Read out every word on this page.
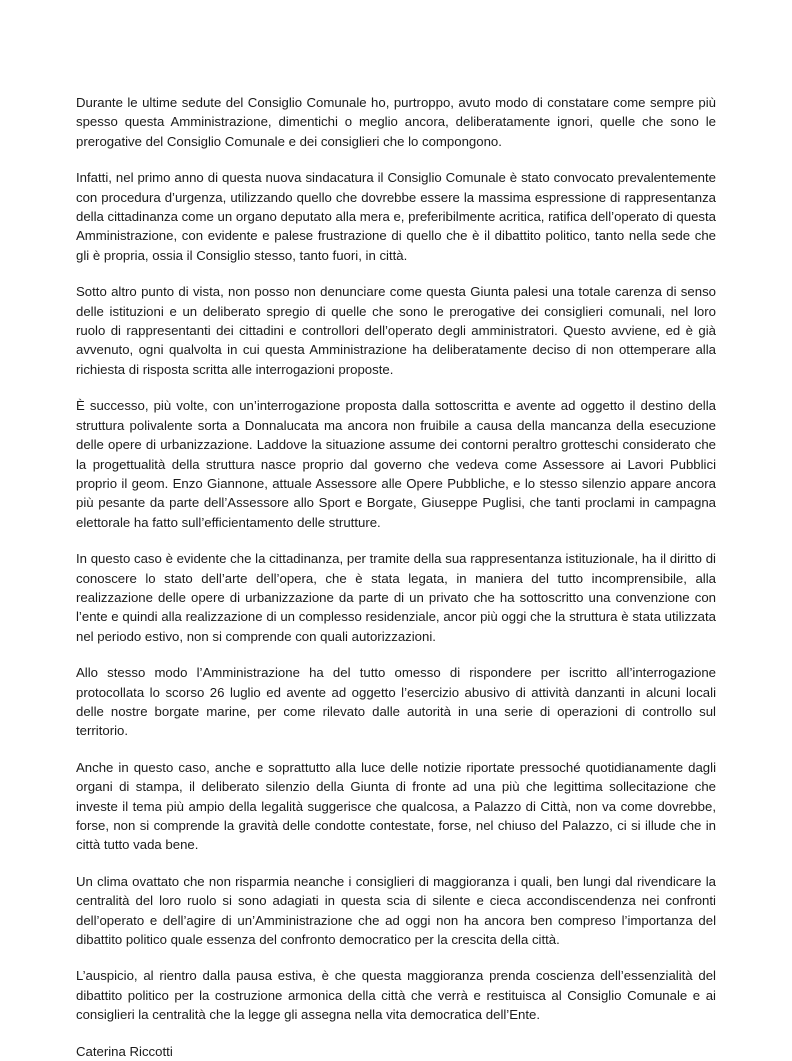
Durante le ultime sedute del Consiglio Comunale ho, purtroppo, avuto modo di constatare come sempre più spesso questa Amministrazione, dimentichi o meglio ancora, deliberatamente ignori, quelle che sono le prerogative del Consiglio Comunale e dei consiglieri che lo compongono.

Infatti, nel primo anno di questa nuova sindacatura il Consiglio Comunale è stato convocato prevalentemente con procedura d’urgenza, utilizzando quello che dovrebbe essere la massima espressione di rappresentanza della cittadinanza come un organo deputato alla mera e, preferibilmente acritica, ratifica dell’operato di questa Amministrazione, con evidente e palese frustrazione di quello che è il dibattito politico, tanto nella sede che gli è propria, ossia il Consiglio stesso, tanto fuori, in città.

Sotto altro punto di vista, non posso non denunciare come questa Giunta palesi una totale carenza di senso delle istituzioni e un deliberato spregio di quelle che sono le prerogative dei consiglieri comunali, nel loro ruolo di rappresentanti dei cittadini e controllori dell’operato degli amministratori. Questo avviene, ed è già avvenuto, ogni qualvolta in cui questa Amministrazione ha deliberatamente deciso di non ottemperare alla richiesta di risposta scritta alle interrogazioni proposte.

È successo, più volte, con un’interrogazione proposta dalla sottoscritta e avente ad oggetto il destino della struttura polivalente sorta a Donnalucata ma ancora non fruibile a causa della mancanza della esecuzione delle opere di urbanizzazione. Laddove la situazione assume dei contorni peraltro grotteschi considerato che la progettualità della struttura nasce proprio dal governo che vedeva come Assessore ai Lavori Pubblici proprio il geom. Enzo Giannone, attuale Assessore alle Opere Pubbliche, e lo stesso silenzio appare ancora più pesante da parte dell’Assessore allo Sport e Borgate, Giuseppe Puglisi, che tanti proclami in campagna elettorale ha fatto sull’efficientamento delle strutture.

In questo caso è evidente che la cittadinanza, per tramite della sua rappresentanza istituzionale, ha il diritto di conoscere lo stato dell’arte dell’opera, che è stata legata, in maniera del tutto incomprensibile, alla realizzazione delle opere di urbanizzazione da parte di un privato che ha sottoscritto una convenzione con l’ente e quindi alla realizzazione di un complesso residenziale, ancor più oggi che la struttura è stata utilizzata nel periodo estivo, non si comprende con quali autorizzazioni.

Allo stesso modo l’Amministrazione ha del tutto omesso di rispondere per iscritto all’interrogazione protocollata lo scorso 26 luglio ed avente ad oggetto l’esercizio abusivo di attività danzanti in alcuni locali delle nostre borgate marine, per come rilevato dalle autorità in una serie di operazioni di controllo sul territorio.

Anche in questo caso, anche e soprattutto alla luce delle notizie riportate pressoché quotidianamente dagli organi di stampa, il deliberato silenzio della Giunta di fronte ad una più che legittima sollecitazione che investe il tema più ampio della legalità suggerisce che qualcosa, a Palazzo di Città, non va come dovrebbe, forse, non si comprende la gravità delle condotte contestate, forse, nel chiuso del Palazzo, ci si illude che in città tutto vada bene.

Un clima ovattato che non risparmia neanche i consiglieri di maggioranza i quali, ben lungi dal rivendicare la centralità del loro ruolo si sono adagiati in questa scia di silente e cieca accondiscendenza nei confronti dell’operato e dell’agire di un’Amministrazione che ad oggi non ha ancora ben compreso l’importanza del dibattito politico quale essenza del confronto democratico per la crescita della città.

L’auspicio, al rientro dalla pausa estiva, è che questa maggioranza prenda coscienza dell’essenzialità del dibattito politico per la costruzione armonica della città che verrà e restituisca al Consiglio Comunale e ai consiglieri la centralità che la legge gli assegna nella vita democratica dell’Ente.

Caterina Riccotti
